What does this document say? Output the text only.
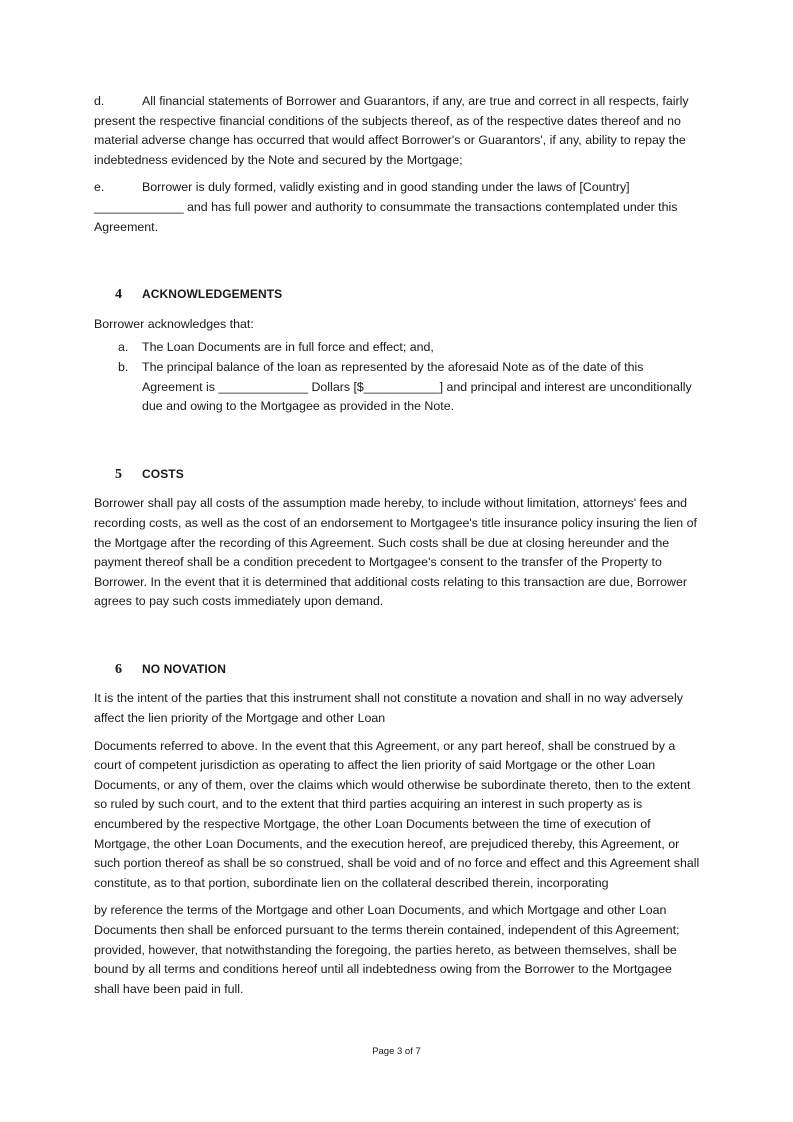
d.	All financial statements of Borrower and Guarantors, if any, are true and correct in all respects, fairly present the respective financial conditions of the subjects thereof, as of the respective dates thereof and no material adverse change has occurred that would affect Borrower's or Guarantors', if any, ability to repay the indebtedness evidenced by the Note and secured by the Mortgage;

e.	Borrower is duly formed, validly existing and in good standing under the laws of [Country] _____________ and has full power and authority to consummate the transactions contemplated under this Agreement.

4	ACKNOWLEDGEMENTS

Borrower acknowledges that:

a. The Loan Documents are in full force and effect; and,
b. The principal balance of the loan as represented by the aforesaid Note as of the date of this Agreement is _____________ Dollars [$___________] and principal and interest are unconditionally due and owing to the Mortgagee as provided in the Note.
5	COSTS

Borrower shall pay all costs of the assumption made hereby, to include without limitation, attorneys' fees and recording costs, as well as the cost of an endorsement to Mortgagee's title insurance policy insuring the lien of the Mortgage after the recording of this Agreement. Such costs shall be due at closing hereunder and the payment thereof shall be a condition precedent to Mortgagee's consent to the transfer of the Property to Borrower. In the event that it is determined that additional costs relating to this transaction are due, Borrower agrees to pay such costs immediately upon demand.

6	NO NOVATION

It is the intent of the parties that this instrument shall not constitute a novation and shall in no way adversely affect the lien priority of the Mortgage and other Loan

Documents referred to above. In the event that this Agreement, or any part hereof, shall be construed by a court of competent jurisdiction as operating to affect the lien priority of said Mortgage or the other Loan Documents, or any of them, over the claims which would otherwise be subordinate thereto, then to the extent so ruled by such court, and to the extent that third parties acquiring an interest in such property as is encumbered by the respective Mortgage, the other Loan Documents between the time of execution of Mortgage, the other Loan Documents, and the execution hereof, are prejudiced thereby, this Agreement, or such portion thereof as shall be so construed, shall be void and of no force and effect and this Agreement shall constitute, as to that portion, subordinate lien on the collateral described therein, incorporating

by reference the terms of the Mortgage and other Loan Documents, and which Mortgage and other Loan Documents then shall be enforced pursuant to the terms therein contained, independent of this Agreement; provided, however, that notwithstanding the foregoing, the parties hereto, as between themselves, shall be bound by all terms and conditions hereof until all indebtedness owing from the Borrower to the Mortgagee shall have been paid in full.

Page 3 of 7
